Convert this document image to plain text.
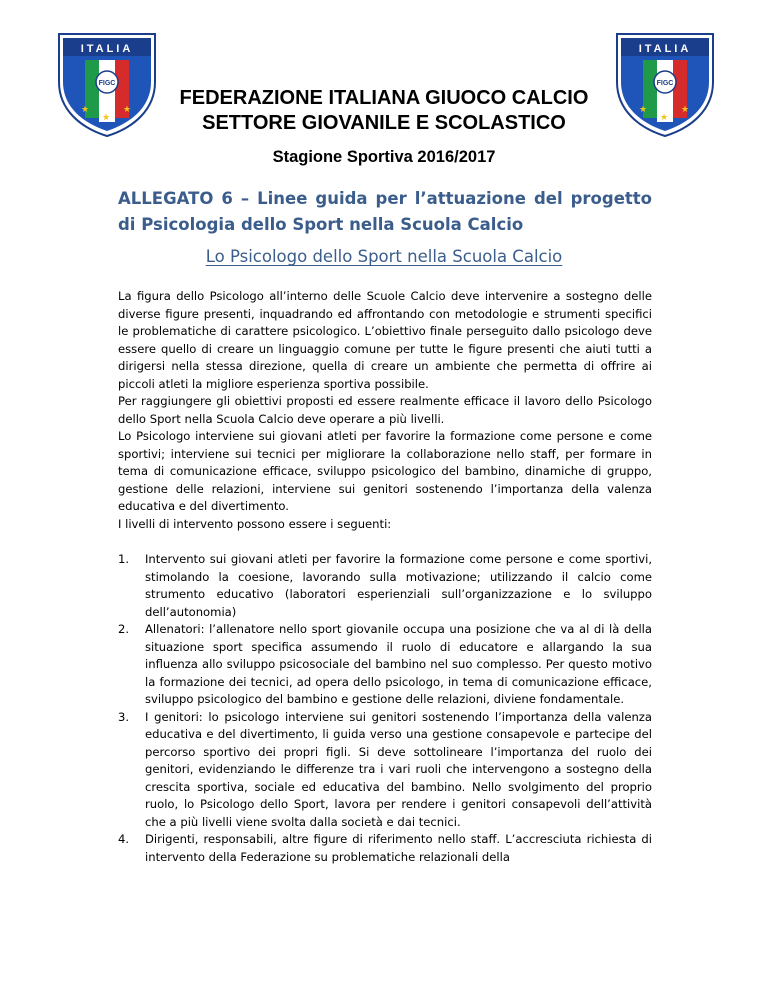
ITALIA
FIGC
★
★
★
ITALIA
FIGC
★
★
★
FEDERAZIONE ITALIANA GIUOCO CALCIO
SETTORE GIOVANILE E SCOLASTICO
Stagione Sportiva 2016/2017
ALLEGATO 6 – Linee guida per l’attuazione del progetto di Psicologia dello Sport nella Scuola Calcio
Lo Psicologo dello Sport nella Scuola Calcio

La figura dello Psicologo all’interno delle Scuole Calcio deve intervenire a sostegno delle diverse figure presenti, inquadrando ed affrontando con metodologie e strumenti specifici le problematiche di carattere psicologico. L’obiettivo finale perseguito dallo psicologo deve essere quello di creare un linguaggio comune per tutte le figure presenti che aiuti tutti a dirigersi nella stessa direzione, quella di creare un ambiente che permetta di offrire ai piccoli atleti la migliore esperienza sportiva possibile.

Per raggiungere gli obiettivi proposti ed essere realmente efficace il lavoro dello Psicologo dello Sport nella Scuola Calcio deve operare a più livelli.

Lo Psicologo interviene sui giovani atleti per favorire la formazione come persone e come sportivi; interviene sui tecnici per migliorare la collaborazione nello staff, per formare in tema di comunicazione efficace, sviluppo psicologico del bambino, dinamiche di gruppo, gestione delle relazioni, interviene sui genitori sostenendo l’importanza della valenza educativa e del divertimento.

I livelli di intervento possono essere i seguenti:

1. Intervento sui giovani atleti per favorire la formazione come persone e come sportivi, stimolando la coesione, lavorando sulla motivazione; utilizzando il calcio come strumento educativo (laboratori esperienziali sull’organizzazione e lo sviluppo dell’autonomia)
2. Allenatori: l’allenatore nello sport giovanile occupa una posizione che va al di là della situazione sport specifica assumendo il ruolo di educatore e allargando la sua influenza allo sviluppo psicosociale del bambino nel suo complesso. Per questo motivo la formazione dei tecnici, ad opera dello psicologo, in tema di comunicazione efficace, sviluppo psicologico del bambino e gestione delle relazioni, diviene fondamentale.
3. I genitori: lo psicologo interviene sui genitori sostenendo l’importanza della valenza educativa e del divertimento, li guida verso una gestione consapevole e partecipe del percorso sportivo dei propri figli. Si deve sottolineare l’importanza del ruolo dei genitori, evidenziando le differenze tra i vari ruoli che intervengono a sostegno della crescita sportiva, sociale ed educativa del bambino. Nello svolgimento del proprio ruolo, lo Psicologo dello Sport, lavora per rendere i genitori consapevoli dell’attività che a più livelli viene svolta dalla società e dai tecnici.
4. Dirigenti, responsabili, altre figure di riferimento nello staff. L’accresciuta richiesta di intervento della Federazione su problematiche relazionali della
